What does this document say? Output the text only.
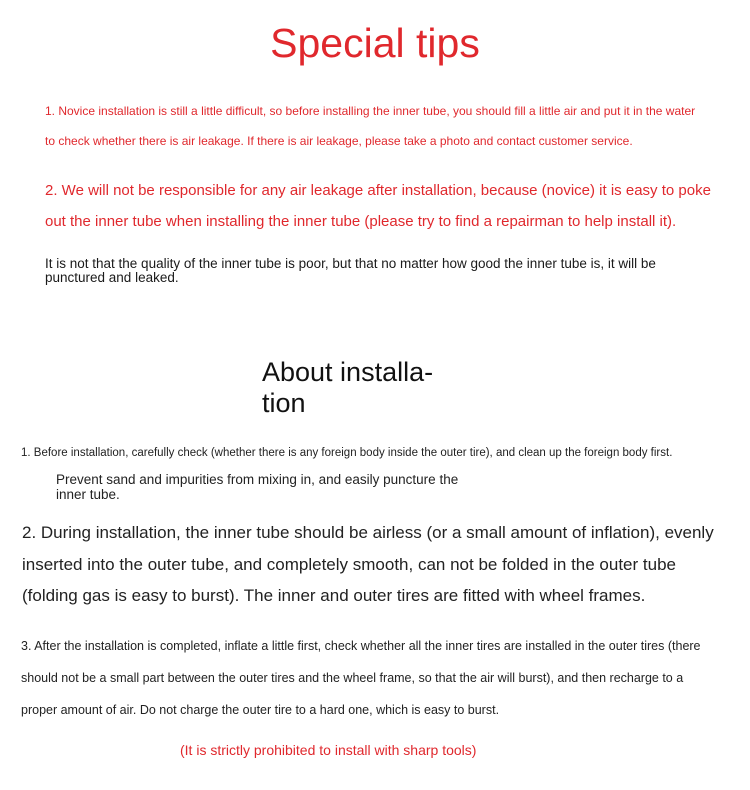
Special tips

1. Novice installation is still a little difficult, so before installing the inner tube, you should fill a little air and put it in the water to check whether there is air leakage. If there is air leakage, please take a photo and contact customer service.

2. We will not be responsible for any air leakage after installation, because (novice) it is easy to poke out the inner tube when installing the inner tube (please try to find a repairman to help install it).

It is not that the quality of the inner tube is poor, but that no matter how good the inner tube is, it will be punctured and leaked.

About installa-tion

1. Before installation, carefully check (whether there is any foreign body inside the outer tire), and clean up the foreign body first.

Prevent sand and impurities from mixing in, and easily puncture the inner tube.

2. During installation, the inner tube should be airless (or a small amount of inflation), evenly inserted into the outer tube, and completely smooth, can not be folded in the outer tube (folding gas is easy to burst). The inner and outer tires are fitted with wheel frames.

3. After the installation is completed, inflate a little first, check whether all the inner tires are installed in the outer tires (there should not be a small part between the outer tires and the wheel frame, so that the air will burst), and then recharge to a proper amount of air. Do not charge the outer tire to a hard one, which is easy to burst.

(It is strictly prohibited to install with sharp tools)
